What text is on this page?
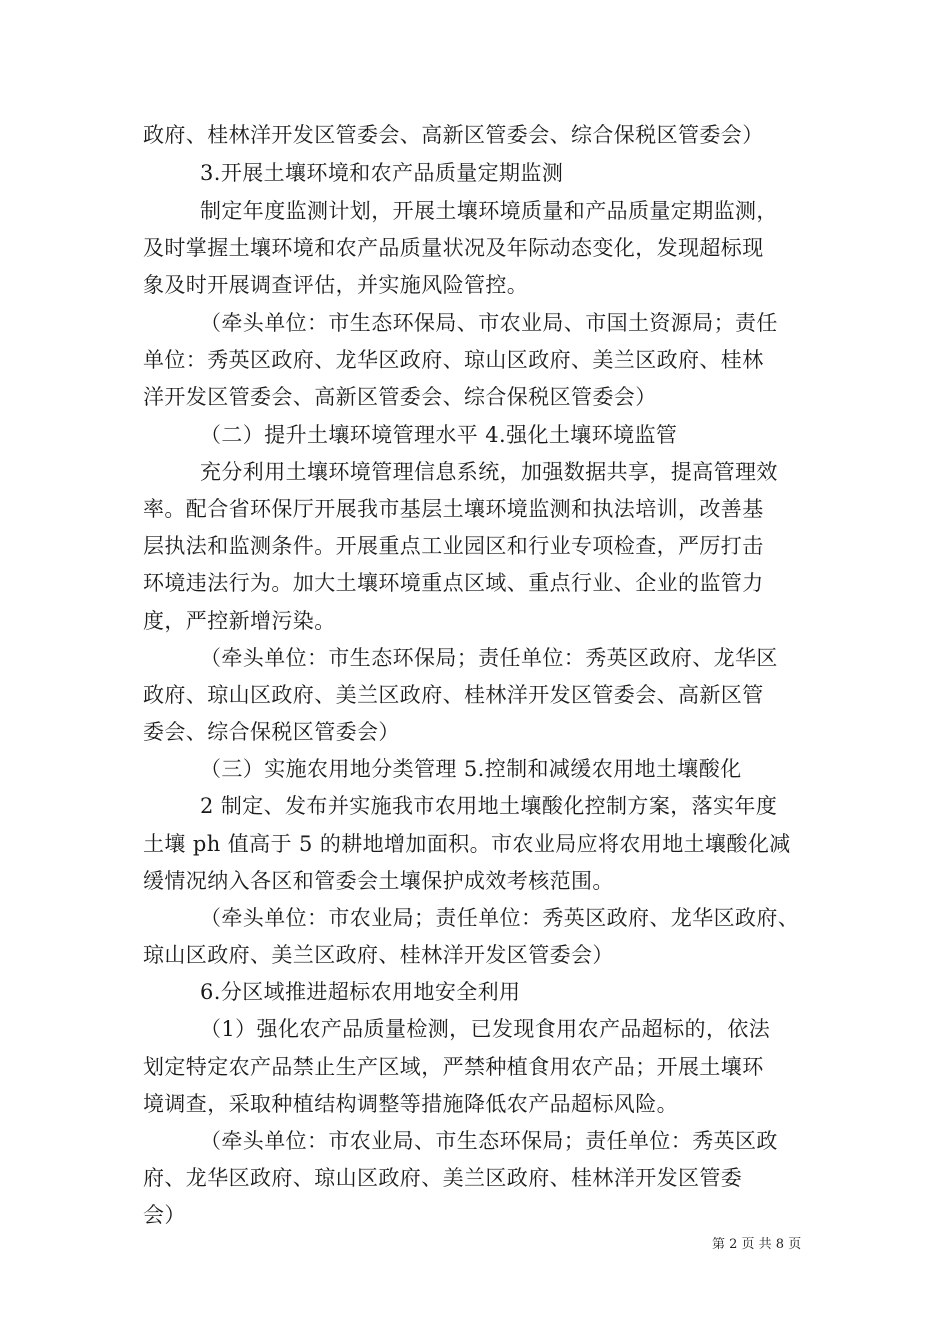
政府、桂林洋开发区管委会、高新区管委会、综合保税区管委会）
3.开展土壤环境和农产品质量定期监测
制定年度监测计划，开展土壤环境质量和产品质量定期监测，
及时掌握土壤环境和农产品质量状况及年际动态变化，发现超标现
象及时开展调查评估，并实施风险管控。
（牵头单位：市生态环保局、市农业局、市国土资源局；责任
单位：秀英区政府、龙华区政府、琼山区政府、美兰区政府、桂林
洋开发区管委会、高新区管委会、综合保税区管委会）
（二）提升土壤环境管理水平 4.强化土壤环境监管
充分利用土壤环境管理信息系统，加强数据共享，提高管理效
率。配合省环保厅开展我市基层土壤环境监测和执法培训，改善基
层执法和监测条件。开展重点工业园区和行业专项检查，严厉打击
环境违法行为。加大土壤环境重点区域、重点行业、企业的监管力
度，严控新增污染。
（牵头单位：市生态环保局；责任单位：秀英区政府、龙华区
政府、琼山区政府、美兰区政府、桂林洋开发区管委会、高新区管
委会、综合保税区管委会）
（三）实施农用地分类管理 5.控制和减缓农用地土壤酸化
2 制定、发布并实施我市农用地土壤酸化控制方案，落实年度
土壤 ph 值高于 5 的耕地增加面积。市农业局应将农用地土壤酸化减
缓情况纳入各区和管委会土壤保护成效考核范围。
（牵头单位：市农业局；责任单位：秀英区政府、龙华区政府、
琼山区政府、美兰区政府、桂林洋开发区管委会）
6.分区域推进超标农用地安全利用
（1）强化农产品质量检测，已发现食用农产品超标的，依法
划定特定农产品禁止生产区域，严禁种植食用农产品；开展土壤环
境调查，采取种植结构调整等措施降低农产品超标风险。
（牵头单位：市农业局、市生态环保局；责任单位：秀英区政
府、龙华区政府、琼山区政府、美兰区政府、桂林洋开发区管委
会）
第 2 页 共 8 页
